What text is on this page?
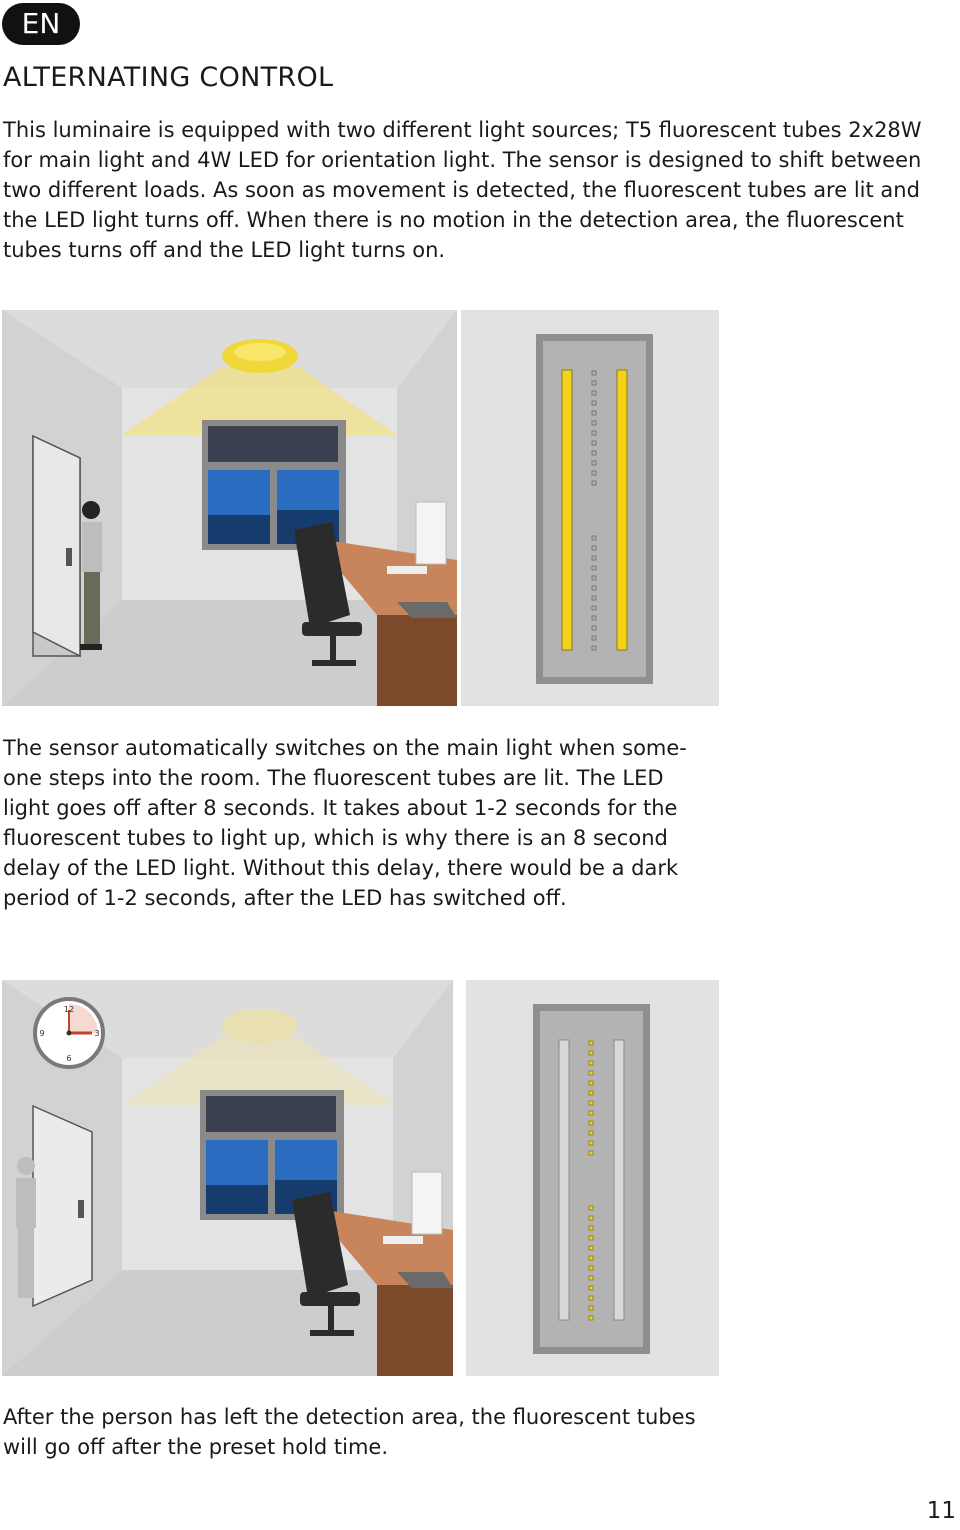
EN
ALTERNATING CONTROL

This luminaire is equipped with two different light sources; T5 fluorescent tubes 2x28W for main light and 4W LED for orientation light. The sensor is designed to shift between two different loads. As soon as movement is detected, the fluorescent tubes are lit and the LED light turns off. When there is no motion in the detection area, the fluorescent tubes turns off and the LED light turns on.

The sensor automatically switches on the main light when some- one steps into the room. The fluorescent tubes are lit. The LED light goes off after 8 seconds. It takes about 1-2 seconds for the fluorescent tubes to light up, which is why there is an 8 second delay of the LED light. Without this delay, there would be a dark period of 1-2 seconds, after the LED has switched off.

12
3
6
9

After the person has left the detection area, the fluorescent tubes will go off after the preset hold time.

11
